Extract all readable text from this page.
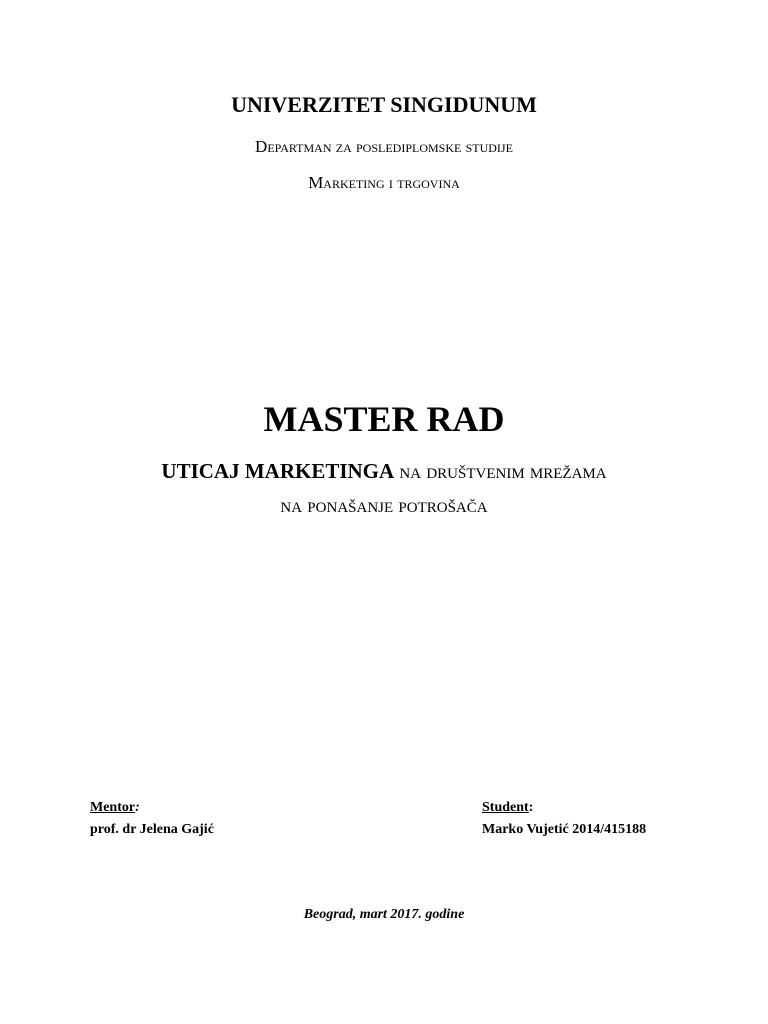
UNIVERZITET SINGIDUNUM
Departman za poslediplomske studije
Marketing i trgovina
MASTER RAD
UTICAJ MARKETINGA na društvenim mrežama
na ponašanje potrošača
Mentor:
prof. dr Jelena Gajić
Student:
Marko Vujetić 2014/415188
Beograd, mart 2017. godine
